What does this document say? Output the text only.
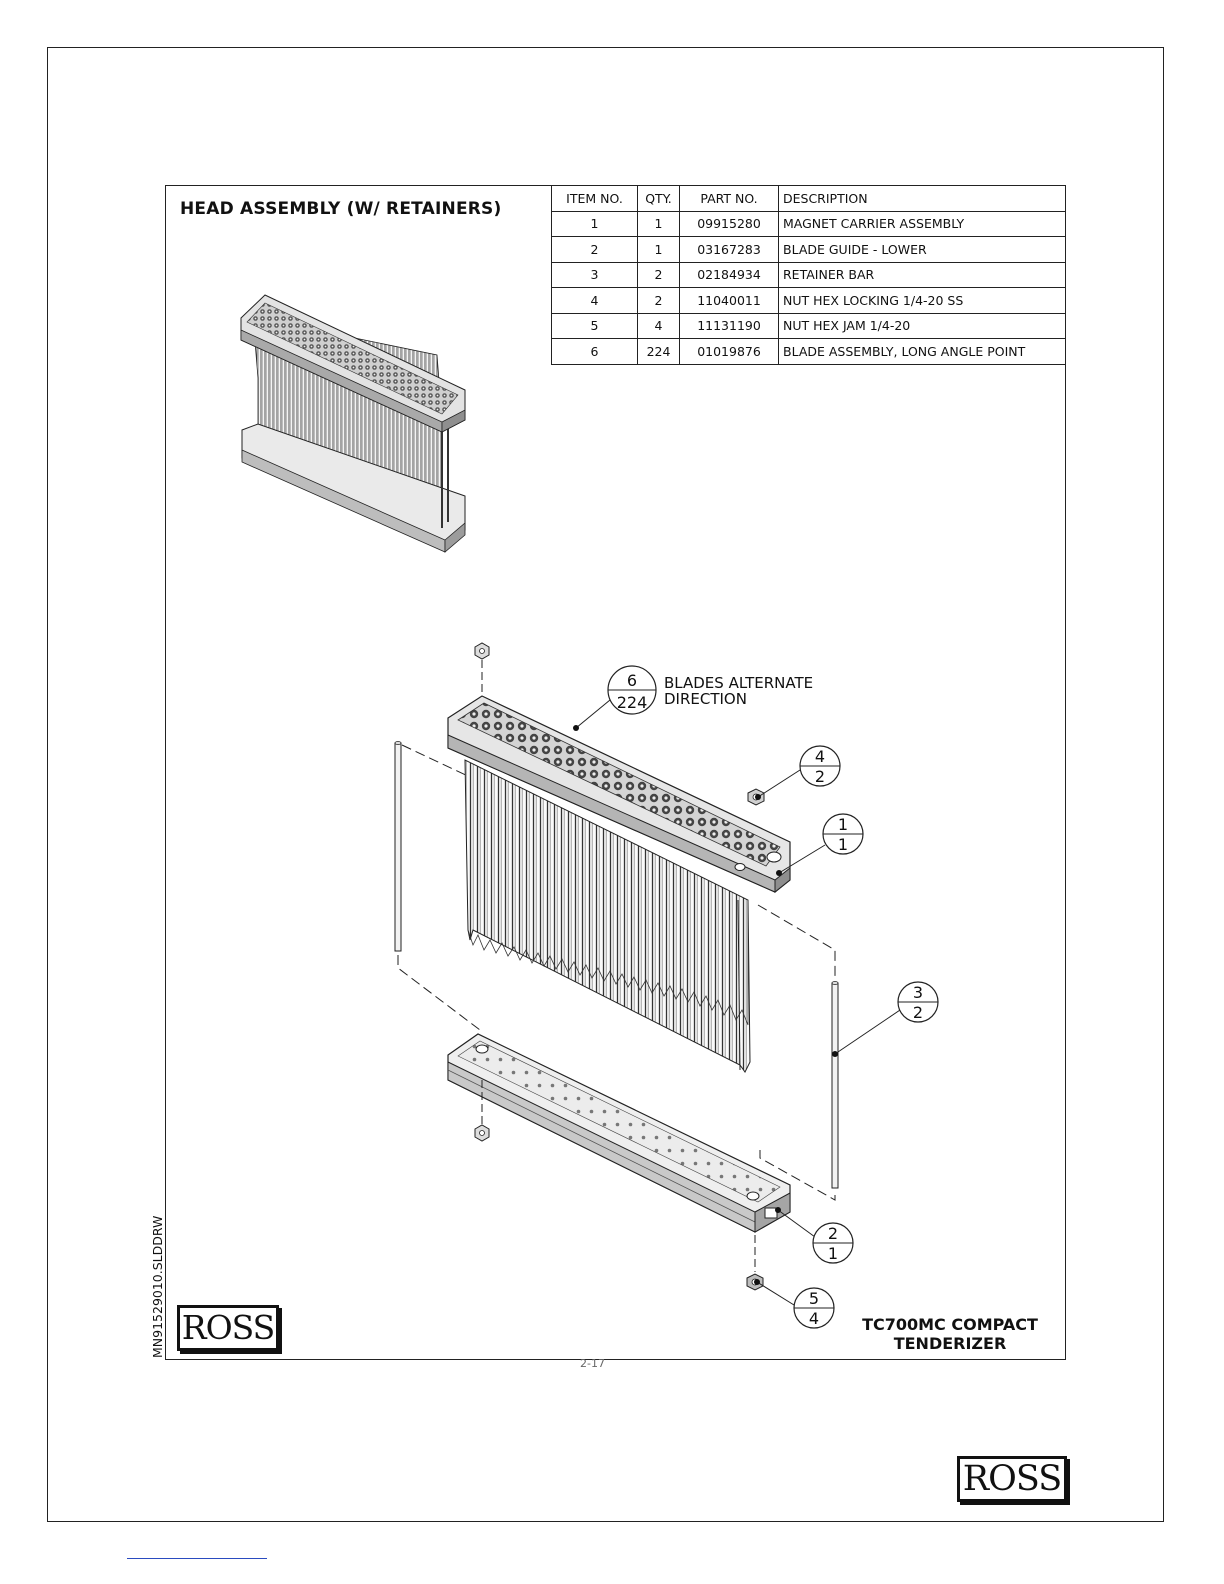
HEAD ASSEMBLY (W/ RETAINERS)
ITEM NO.	QTY.	PART NO.	DESCRIPTION
1	1	09915280	MAGNET CARRIER ASSEMBLY
2	1	03167283	BLADE GUIDE - LOWER
3	2	02184934	RETAINER BAR
4	2	11040011	NUT HEX LOCKING 1/4-20 SS
5	4	11131190	NUT HEX JAM 1/4-20
6	224	01019876	BLADE ASSEMBLY, LONG ANGLE POINT
6
224
BLADES ALTERNATE
DIRECTION
4
2
1
1
3
2
2
1
5
4
MN91529010.SLDDRW ROSS	TC700MC COMPACT
TENDERIZER
2-17
ROSS
